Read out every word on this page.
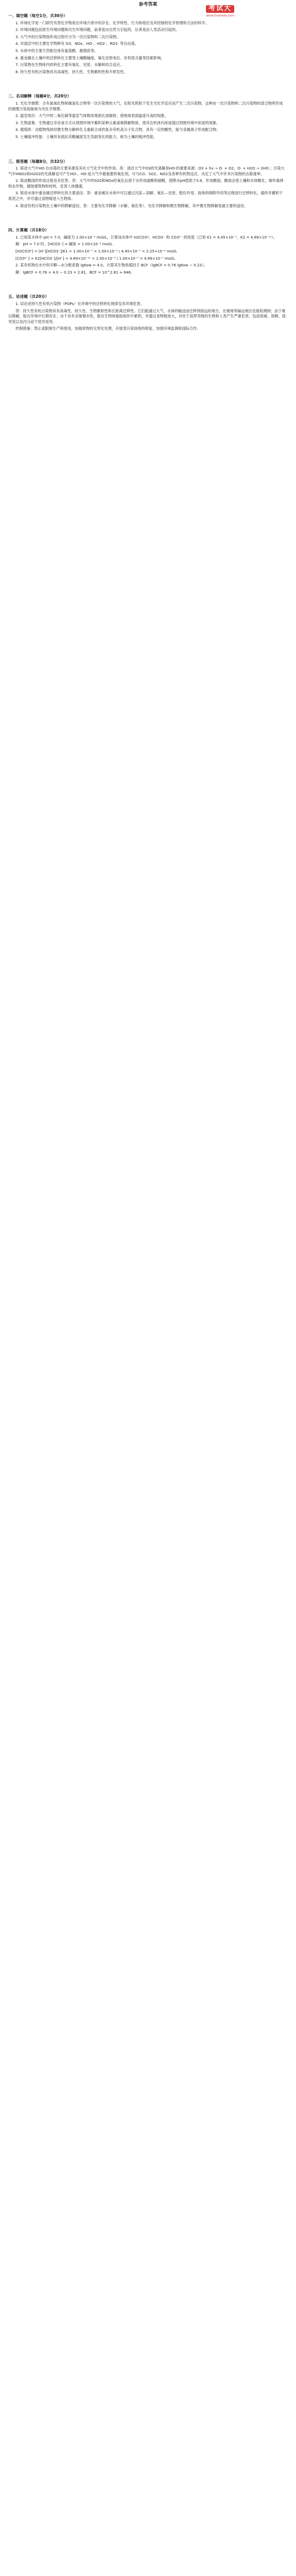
参考答案	考试大
www.Examda.com
一、填空题（每空1分，共30分）
1. 环境化学是一门研究有害化学物质在环境介质中的存在、化学特性、行为和效应及其控制的化学原理和方法的科学。
2. 环境问题包括原生环境问题和次生环境问题，前者是由自然力引起的，后者是由人类活动引起的。
3. 大气中的污染物按形成过程可分为一次污染物和二次污染物。
4. 对流层中的主要化学物种有 O3、NOx、HO·、HO2·、RO2· 等自由基。
5. 水体中的主要天然配位体有氨基酸、腐殖质等。
6. 重金属在土壤中的迁移转化主要受土壤酸碱度、氧化还原电位、有机质含量等因素影响。
7. 污染物在生物体内的转化主要有氧化、还原、水解和结合反应。
8. 持久性有机污染物具有高毒性、持久性、生物累积性和半挥发性。
二、名词解释（每题4分，共20分）
1. 光化学烟雾：含有氮氧化物和碳氢化合物等一次污染物的大气，在阳光照射下发生光化学反应而产生二次污染物，这种由一次污染物和二次污染物的混合物所形成的烟雾污染现象称为光化学烟雾。
2. 温室效应：大气中的二氧化碳等温室气体吸收地面长波辐射，使地球表面温度升高的现象。
3. 生物富集：生物通过非吞食方式从周围环境中蓄积某种元素或难降解物质，使其在机体内浓度超过周围环境中浓度的现象。
4. 腐殖质：动植物残体经微生物分解转化又重新合成的复杂有机高分子化合物，具有一定的酸性，能与金属离子形成配合物。
5. 土壤缓冲性能：土壤具有抵抗其酸碱度发生急剧变化的能力，称为土壤的缓冲性能。
三、简答题（每题8分，共32分）
1. 简述大气中HO·自由基的主要来源及其在大气化学中的作用。答：清洁大气中O3的光离解是HO·的重要来源：O3 + hv → O· + O2，O· + H2O → 2HO·；污染大气中HNO2和H2O2的光离解也可产生HO·。HO·是大气中最重要的氧化剂，可与CO、SO2、NO2及各种有机物反应，决定了大气中许多污染物的去除速率。
2. 简述酸雨的形成过程及其危害。答：大气中的SO2和NOx经氧化后溶于水形成硫酸和硝酸，使降水pH值低于5.6，形成酸雨。酸雨会使土壤和水体酸化，破坏森林和农作物，腐蚀建筑物和材料，危害人体健康。
3. 简述水体中重金属迁移转化的主要途径。答：重金属在水体中可以通过沉淀—溶解、氧化—还原、配位作用、胶体的吸附作用等过程进行迁移转化，最终多蓄积于底泥之中，并可通过食物链进入生物体。
4. 简述有机污染物在土壤中的降解途径。答：主要有化学降解（水解、氧化等）、光化学降解和微生物降解，其中微生物降解是最主要的途径。
四、计算题（共18分）
1. 已知某水体中 pH = 7.0，碱度为 1.00×10⁻³ mol/L，计算该水体中 H2CO3*、HCO3⁻ 和 CO3²⁻ 的浓度（已知 K1 = 4.45×10⁻⁷，K2 = 4.69×10⁻¹¹）。
解：pH = 7.0 时，[HCO3⁻] ≈ 碱度 = 1.00×10⁻³ mol/L
[H2CO3*] = [H⁺][HCO3⁻]/K1 = 1.00×10⁻⁷ × 1.00×10⁻³ / 4.45×10⁻⁷ = 2.25×10⁻⁴ mol/L
[CO3²⁻] = K2[HCO3⁻]/[H⁺] = 4.69×10⁻¹¹ × 1.00×10⁻³ / 1.00×10⁻⁷ = 4.69×10⁻⁷ mol/L
2. 某有机物在水中的辛醇—水分配系数 lgKow = 4.0，计算其生物浓缩因子 BCF（lgBCF = 0.76 lgKow − 0.23）。
解：lgBCF = 0.76 × 4.0 − 0.23 = 2.81，BCF = 10^2.81 ≈ 646。
五、论述题（共20分）
1. 试论述持久性有机污染物（POPs）在环境中的迁移转化规律及其环境危害。
答：持久性有机污染物具有高毒性、持久性、生物累积性和长距离迁移性。它们能通过大气、水体的输送而迁移到很远的地方，在极地等偏远地区也能检测到；由于难以降解，能在环境中长期存在；由于具有亲脂憎水性，能在生物体脂肪组织中累积，并通过食物链放大，对处于高营养级的生物和人类产生严重危害，包括致癌、致畸、致突变以及内分泌干扰作用等。
控制措施：禁止或限制生产和使用，加强废物的无害化处理，开展受污染场地的修复，加强环境监测和国际合作。
